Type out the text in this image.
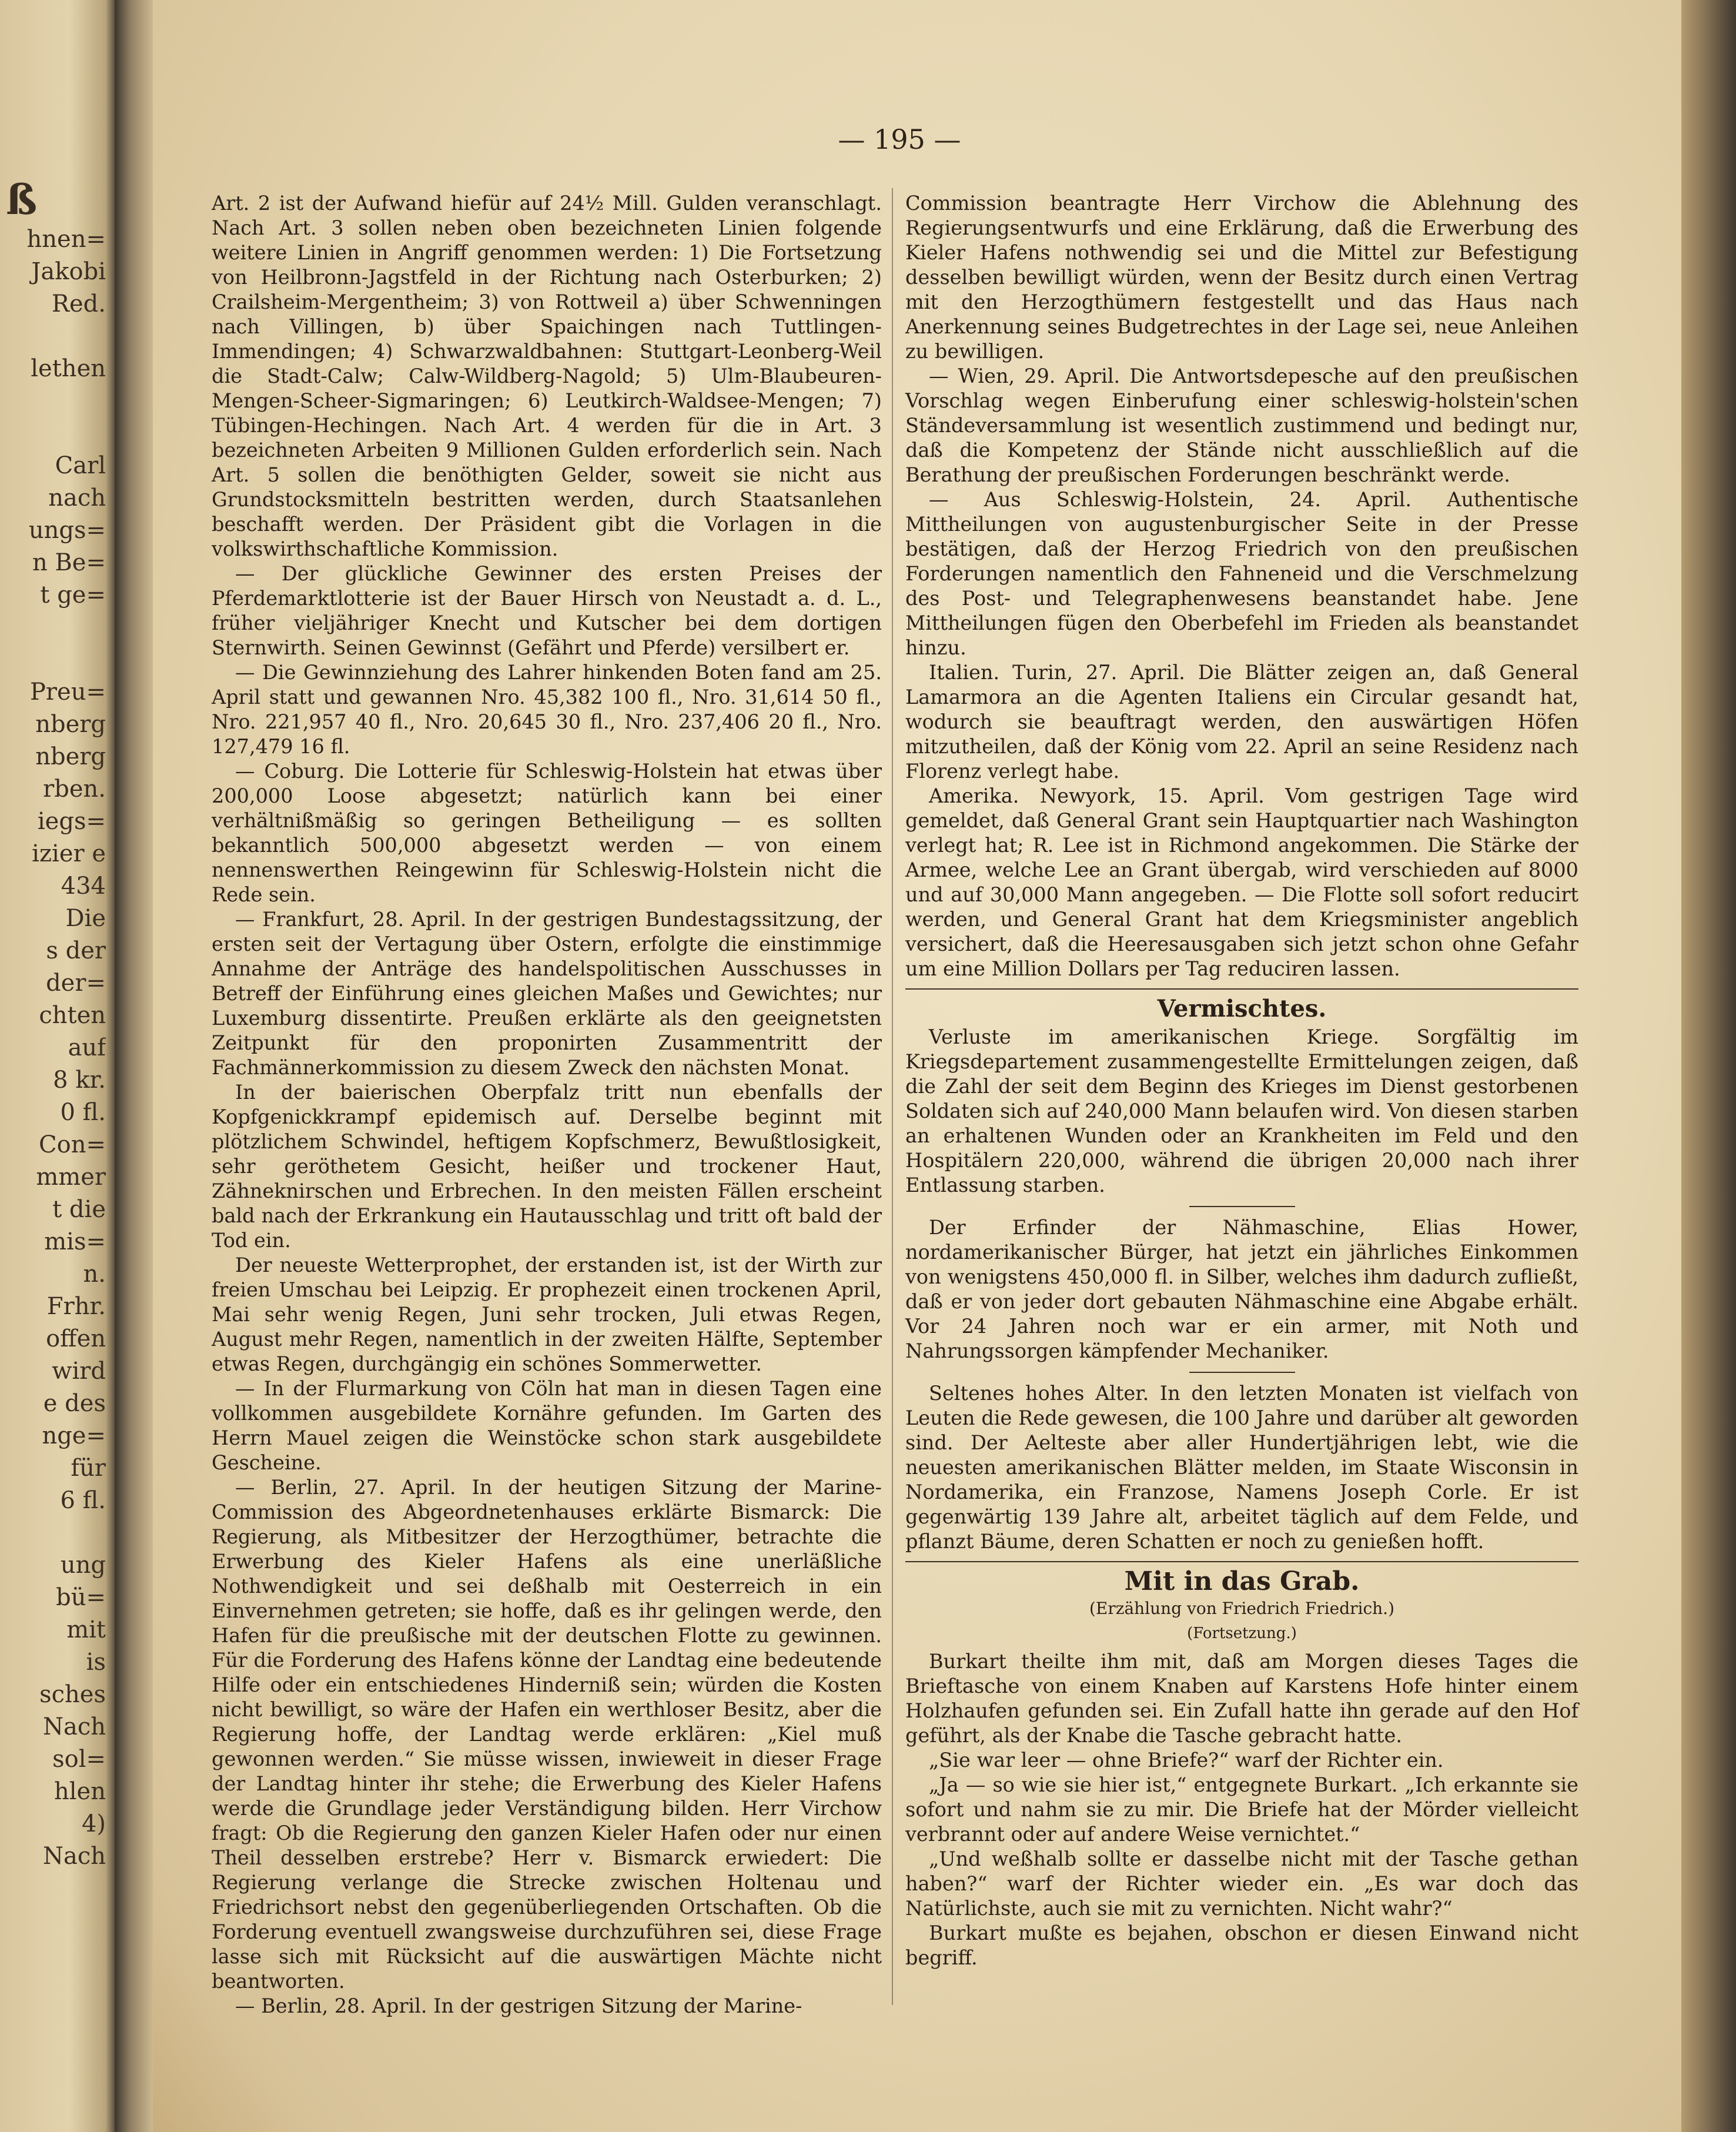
ß
hnen=
Jakobi
Red.
lethen
Carl
nach
ungs=
n Be=
t ge=
Preu=
nberg
nberg
rben.
iegs=
izier e
434
Die
s der
der=
chten
auf
8 kr.
0 fl.
Con=
mmer
t die
mis=
n.
Frhr.
offen
wird
e des
nge=
für
6 fl.
ung
bü=
mit
is
sches
Nach
sol=
hlen
4)
Nach
— 195 —

Art. 2 ist der Aufwand hiefür auf 24½ Mill. Gulden veranschlagt. Nach Art. 3 sollen neben oben bezeichneten Linien folgende weitere Linien in Angriff genommen werden: 1) Die Fortsetzung von Heilbronn-Jagstfeld in der Richtung nach Osterburken; 2) Crailsheim-Mergentheim; 3) von Rottweil a) über Schwenningen nach Villingen, b) über Spaichingen nach Tuttlingen-Immendingen; 4) Schwarzwaldbahnen: Stuttgart-Leonberg-Weil die Stadt-Calw; Calw-Wildberg-Nagold; 5) Ulm-Blaubeuren-Mengen-Scheer-Sigmaringen; 6) Leutkirch-Waldsee-Mengen; 7) Tübingen-Hechingen. Nach Art. 4 werden für die in Art. 3 bezeichneten Arbeiten 9 Millionen Gulden erforderlich sein. Nach Art. 5 sollen die benöthigten Gelder, soweit sie nicht aus Grundstocksmitteln bestritten werden, durch Staatsanlehen beschafft werden. Der Präsident gibt die Vorlagen in die volkswirthschaftliche Kommission.

— Der glückliche Gewinner des ersten Preises der Pferdemarktlotterie ist der Bauer Hirsch von Neustadt a. d. L., früher vieljähriger Knecht und Kutscher bei dem dortigen Sternwirth. Seinen Gewinnst (Gefährt und Pferde) versilbert er.

— Die Gewinnziehung des Lahrer hinkenden Boten fand am 25. April statt und gewannen Nro. 45,382 100 fl., Nro. 31,614 50 fl., Nro. 221,957 40 fl., Nro. 20,645 30 fl., Nro. 237,406 20 fl., Nro. 127,479 16 fl.

— Coburg. Die Lotterie für Schleswig-Holstein hat etwas über 200,000 Loose abgesetzt; natürlich kann bei einer verhältnißmäßig so geringen Betheiligung — es sollten bekanntlich 500,000 abgesetzt werden — von einem nennenswerthen Reingewinn für Schleswig-Holstein nicht die Rede sein.

— Frankfurt, 28. April. In der gestrigen Bundestagssitzung, der ersten seit der Vertagung über Ostern, erfolgte die einstimmige Annahme der Anträge des handelspolitischen Ausschusses in Betreff der Einführung eines gleichen Maßes und Gewichtes; nur Luxemburg dissentirte. Preußen erklärte als den geeignetsten Zeitpunkt für den proponirten Zusammentritt der Fachmännerkommission zu diesem Zweck den nächsten Monat.

In der baierischen Oberpfalz tritt nun ebenfalls der Kopfgenickkrampf epidemisch auf. Derselbe beginnt mit plötzlichem Schwindel, heftigem Kopfschmerz, Bewußtlosigkeit, sehr geröthetem Gesicht, heißer und trockener Haut, Zähneknirschen und Erbrechen. In den meisten Fällen erscheint bald nach der Erkrankung ein Hautausschlag und tritt oft bald der Tod ein.

Der neueste Wetterprophet, der erstanden ist, ist der Wirth zur freien Umschau bei Leipzig. Er prophezeit einen trockenen April, Mai sehr wenig Regen, Juni sehr trocken, Juli etwas Regen, August mehr Regen, namentlich in der zweiten Hälfte, September etwas Regen, durchgängig ein schönes Sommerwetter.

— In der Flurmarkung von Cöln hat man in diesen Tagen eine vollkommen ausgebildete Kornähre gefunden. Im Garten des Herrn Mauel zeigen die Weinstöcke schon stark ausgebildete Gescheine.

— Berlin, 27. April. In der heutigen Sitzung der Marine-Commission des Abgeordnetenhauses erklärte Bismarck: Die Regierung, als Mitbesitzer der Herzogthümer, betrachte die Erwerbung des Kieler Hafens als eine unerläßliche Nothwendigkeit und sei deßhalb mit Oesterreich in ein Einvernehmen getreten; sie hoffe, daß es ihr gelingen werde, den Hafen für die preußische mit der deutschen Flotte zu gewinnen. Für die Forderung des Hafens könne der Landtag eine bedeutende Hilfe oder ein entschiedenes Hinderniß sein; würden die Kosten nicht bewilligt, so wäre der Hafen ein werthloser Besitz, aber die Regierung hoffe, der Landtag werde erklären: „Kiel muß gewonnen werden.“ Sie müsse wissen, inwieweit in dieser Frage der Landtag hinter ihr stehe; die Erwerbung des Kieler Hafens werde die Grundlage jeder Verständigung bilden. Herr Virchow fragt: Ob die Regierung den ganzen Kieler Hafen oder nur einen Theil desselben erstrebe? Herr v. Bismarck erwiedert: Die Regierung verlange die Strecke zwischen Holtenau und Friedrichsort nebst den gegenüberliegenden Ortschaften. Ob die Forderung eventuell zwangsweise durchzuführen sei, diese Frage lasse sich mit Rücksicht auf die auswärtigen Mächte nicht beantworten.

— Berlin, 28. April. In der gestrigen Sitzung der Marine-

Commission beantragte Herr Virchow die Ablehnung des Regierungsentwurfs und eine Erklärung, daß die Erwerbung des Kieler Hafens nothwendig sei und die Mittel zur Befestigung desselben bewilligt würden, wenn der Besitz durch einen Vertrag mit den Herzogthümern festgestellt und das Haus nach Anerkennung seines Budgetrechtes in der Lage sei, neue Anleihen zu bewilligen.

— Wien, 29. April. Die Antwortsdepesche auf den preußischen Vorschlag wegen Einberufung einer schleswig-holstein'schen Ständeversammlung ist wesentlich zustimmend und bedingt nur, daß die Kompetenz der Stände nicht ausschließlich auf die Berathung der preußischen Forderungen beschränkt werde.

— Aus Schleswig-Holstein, 24. April. Authentische Mittheilungen von augustenburgischer Seite in der Presse bestätigen, daß der Herzog Friedrich von den preußischen Forderungen namentlich den Fahneneid und die Verschmelzung des Post- und Telegraphenwesens beanstandet habe. Jene Mittheilungen fügen den Oberbefehl im Frieden als beanstandet hinzu.

Italien. Turin, 27. April. Die Blätter zeigen an, daß General Lamarmora an die Agenten Italiens ein Circular gesandt hat, wodurch sie beauftragt werden, den auswärtigen Höfen mitzutheilen, daß der König vom 22. April an seine Residenz nach Florenz verlegt habe.

Amerika. Newyork, 15. April. Vom gestrigen Tage wird gemeldet, daß General Grant sein Hauptquartier nach Washington verlegt hat; R. Lee ist in Richmond angekommen. Die Stärke der Armee, welche Lee an Grant übergab, wird verschieden auf 8000 und auf 30,000 Mann angegeben. — Die Flotte soll sofort reducirt werden, und General Grant hat dem Kriegsminister angeblich versichert, daß die Heeresausgaben sich jetzt schon ohne Gefahr um eine Million Dollars per Tag reduciren lassen.

Vermischtes.

Verluste im amerikanischen Kriege. Sorgfältig im Kriegsdepartement zusammengestellte Ermittelungen zeigen, daß die Zahl der seit dem Beginn des Krieges im Dienst gestorbenen Soldaten sich auf 240,000 Mann belaufen wird. Von diesen starben an erhaltenen Wunden oder an Krankheiten im Feld und den Hospitälern 220,000, während die übrigen 20,000 nach ihrer Entlassung starben.

Der Erfinder der Nähmaschine, Elias Hower, nordamerikanischer Bürger, hat jetzt ein jährliches Einkommen von wenigstens 450,000 fl. in Silber, welches ihm dadurch zufließt, daß er von jeder dort gebauten Nähmaschine eine Abgabe erhält. Vor 24 Jahren noch war er ein armer, mit Noth und Nahrungssorgen kämpfender Mechaniker.

Seltenes hohes Alter. In den letzten Monaten ist vielfach von Leuten die Rede gewesen, die 100 Jahre und darüber alt geworden sind. Der Aelteste aber aller Hundertjährigen lebt, wie die neuesten amerikanischen Blätter melden, im Staate Wisconsin in Nordamerika, ein Franzose, Namens Joseph Corle. Er ist gegenwärtig 139 Jahre alt, arbeitet täglich auf dem Felde, und pflanzt Bäume, deren Schatten er noch zu genießen hofft.

Mit in das Grab.
(Erzählung von Friedrich Friedrich.)
(Fortsetzung.)

Burkart theilte ihm mit, daß am Morgen dieses Tages die Brieftasche von einem Knaben auf Karstens Hofe hinter einem Holzhaufen gefunden sei. Ein Zufall hatte ihn gerade auf den Hof geführt, als der Knabe die Tasche gebracht hatte.

„Sie war leer — ohne Briefe?“ warf der Richter ein.

„Ja — so wie sie hier ist,“ entgegnete Burkart. „Ich erkannte sie sofort und nahm sie zu mir. Die Briefe hat der Mörder vielleicht verbrannt oder auf andere Weise vernichtet.“

„Und weßhalb sollte er dasselbe nicht mit der Tasche gethan haben?“ warf der Richter wieder ein. „Es war doch das Natürlichste, auch sie mit zu vernichten. Nicht wahr?“

Burkart mußte es bejahen, obschon er diesen Einwand nicht begriff.
